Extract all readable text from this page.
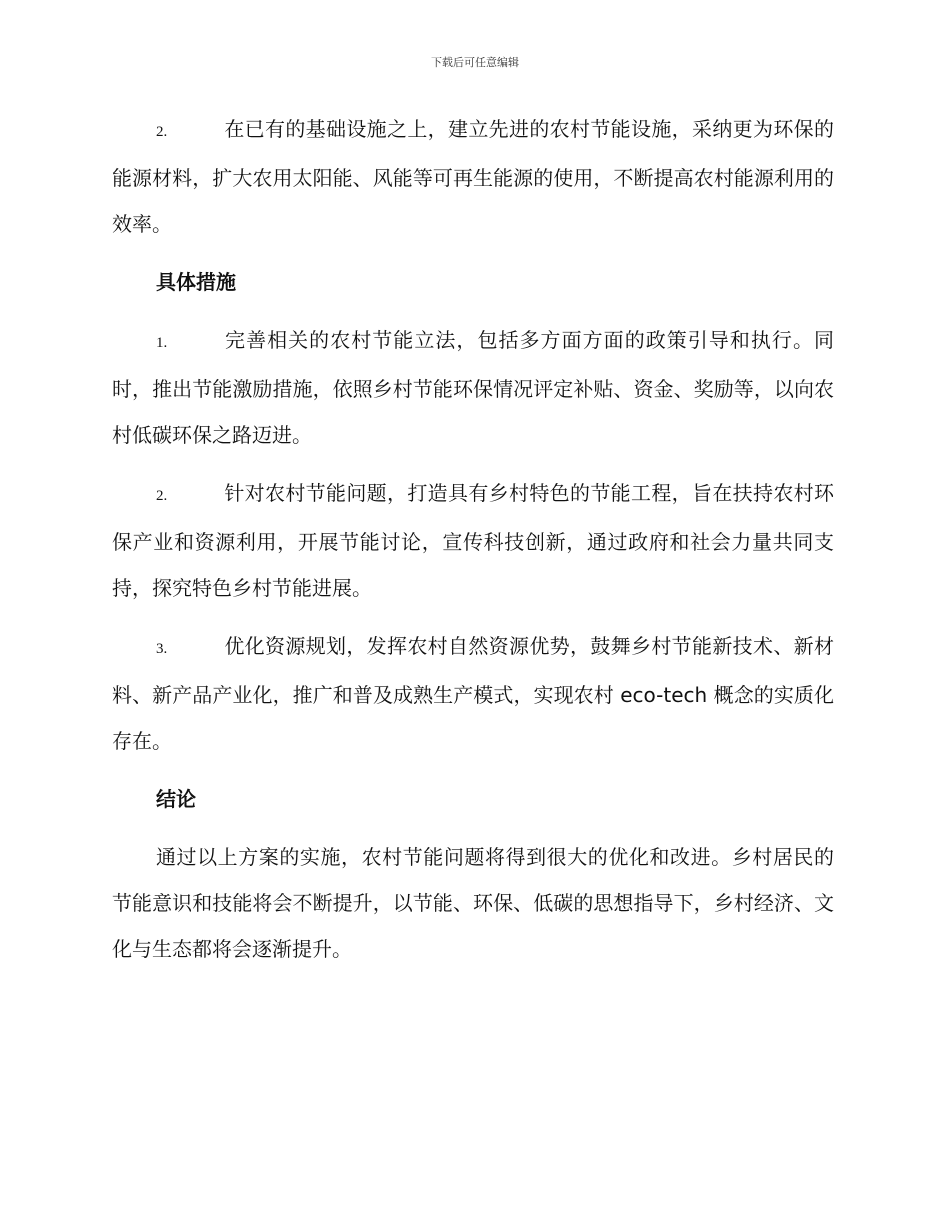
下载后可任意编辑

2.	在已有的基础设施之上，建立先进的农村节能设施，采纳更为环保的能源材料，扩大农用太阳能、风能等可再生能源的使用，不断提高农村能源利用的效率。

具体措施

1.	完善相关的农村节能立法，包括多方面方面的政策引导和执行。同时，推出节能激励措施，依照乡村节能环保情况评定补贴、资金、奖励等，以向农村低碳环保之路迈进。

2.	针对农村节能问题，打造具有乡村特色的节能工程，旨在扶持农村环保产业和资源利用，开展节能讨论，宣传科技创新，通过政府和社会力量共同支持，探究特色乡村节能进展。

3.	优化资源规划，发挥农村自然资源优势，鼓舞乡村节能新技术、新材料、新产品产业化，推广和普及成熟生产模式，实现农村 eco-tech 概念的实质化存在。

结论

通过以上方案的实施，农村节能问题将得到很大的优化和改进。乡村居民的节能意识和技能将会不断提升，以节能、环保、低碳的思想指导下，乡村经济、文化与生态都将会逐渐提升。
